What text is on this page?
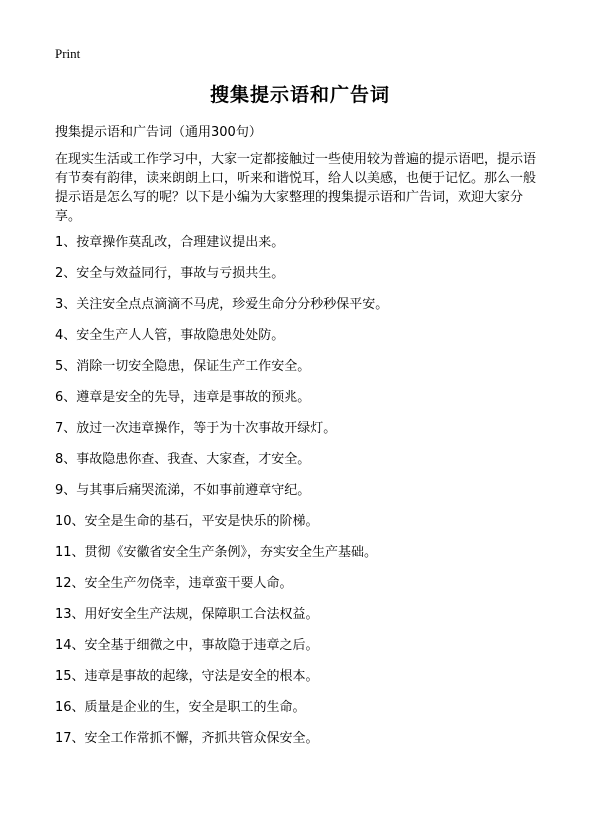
Print
搜集提示语和广告词

搜集提示语和广告词（通用300句）

在现实生活或工作学习中，大家一定都接触过一些使用较为普遍的提示语吧，提示语有节奏有韵律，读来朗朗上口，听来和谐悦耳，给人以美感，也便于记忆。那么一般提示语是怎么写的呢？以下是小编为大家整理的搜集提示语和广告词，欢迎大家分享。

1、按章操作莫乱改，合理建议提出来。
2、安全与效益同行，事故与亏损共生。
3、关注安全点点滴滴不马虎，珍爱生命分分秒秒保平安。
4、安全生产人人管，事故隐患处处防。
5、消除一切安全隐患，保证生产工作安全。
6、遵章是安全的先导，违章是事故的预兆。
7、放过一次违章操作，等于为十次事故开绿灯。
8、事故隐患你查、我查、大家查，才安全。
9、与其事后痛哭流涕，不如事前遵章守纪。
10、安全是生命的基石，平安是快乐的阶梯。
11、贯彻《安徽省安全生产条例》，夯实安全生产基础。
12、安全生产勿侥幸，违章蛮干要人命。
13、用好安全生产法规，保障职工合法权益。
14、安全基于细微之中，事故隐于违章之后。
15、违章是事故的起缘，守法是安全的根本。
16、质量是企业的生，安全是职工的生命。
17、安全工作常抓不懈，齐抓共管众保安全。
